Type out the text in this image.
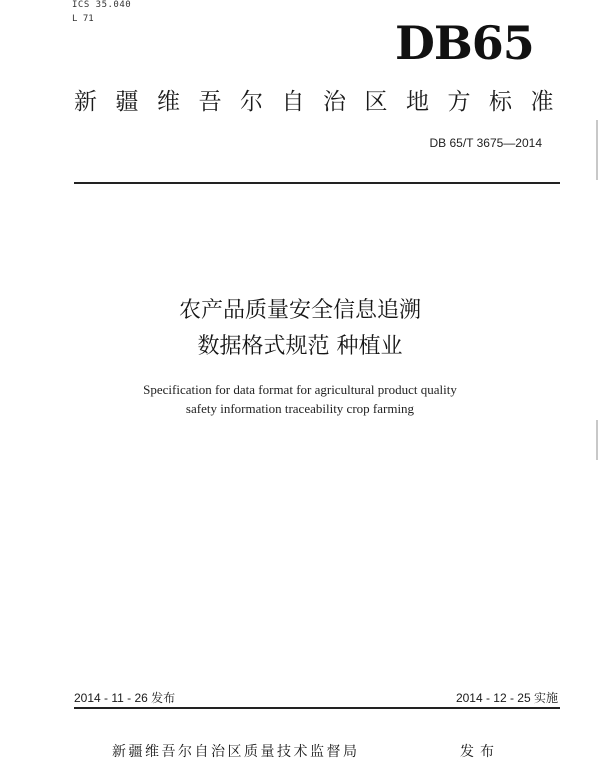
ICS 35.040
L 71	DB65
新疆维吾尔自治区地方标准
DB 65/T 3675—2014
农产品质量安全信息追溯
数据格式规范 种植业
Specification for data format for agricultural product quality
safety information traceability crop farming
2014 - 11 - 26 发布	2014 - 12 - 25 实施
新疆维吾尔自治区质量技术监督局	发布
